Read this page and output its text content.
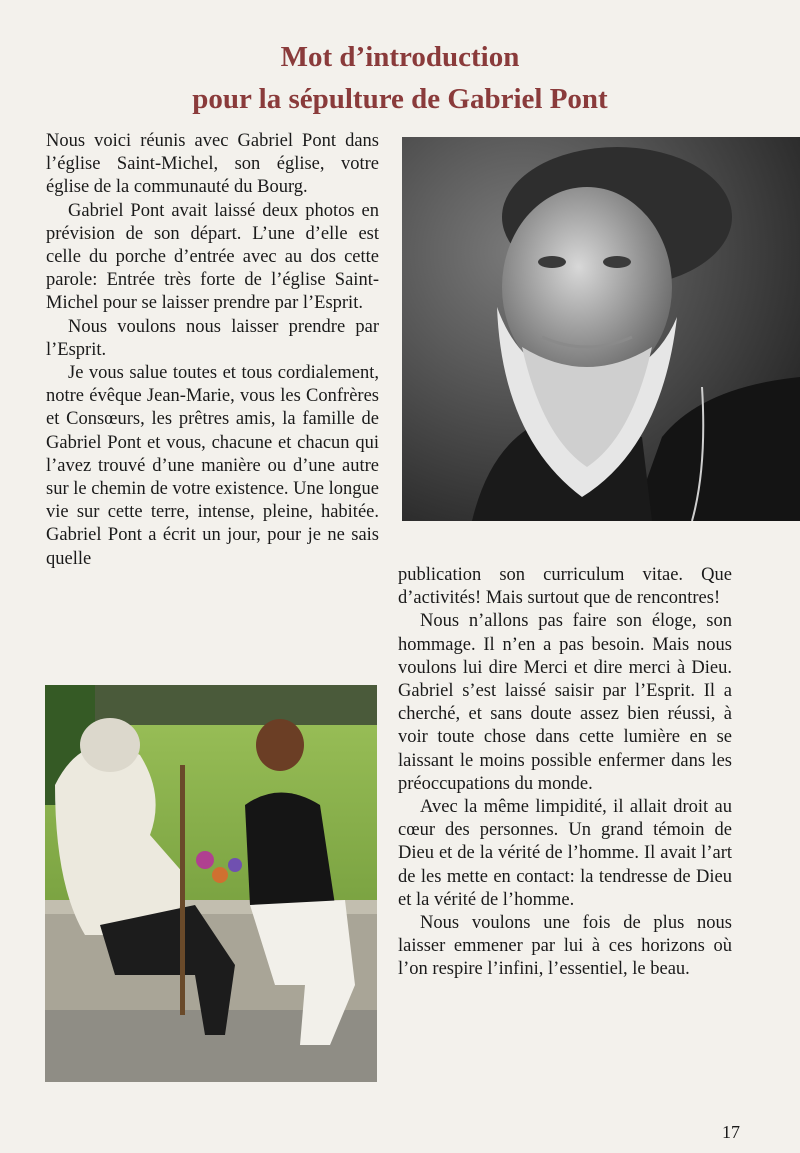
Mot d’introduction
pour la sépulture de Gabriel Pont

Nous voici réunis avec Gabriel Pont dans l’église Saint-Michel, son église, votre église de la communauté du Bourg.

Gabriel Pont avait laissé deux photos en prévision de son départ. L’une d’elle est celle du porche d’entrée avec au dos cette parole: Entrée très forte de l’église Saint-Michel pour se laisser prendre par l’Esprit.

Nous voulons nous laisser prendre par l’Esprit.

Je vous salue toutes et tous cordialement, notre évêque Jean-Marie, vous les Confrères et Consœurs, les prêtres amis, la famille de Gabriel Pont et vous, chacune et chacun qui l’avez trouvé d’une manière ou d’une autre sur le chemin de votre existence. Une longue vie sur cette terre, intense, pleine, habitée. Gabriel Pont a écrit un jour, pour je ne sais quelle

publication son curriculum vitae. Que d’activités! Mais surtout que de rencontres!

Nous n’allons pas faire son éloge, son hommage. Il n’en a pas besoin. Mais nous voulons lui dire Merci et dire merci à Dieu. Gabriel s’est laissé saisir par l’Esprit. Il a cherché, et sans doute assez bien réussi, à voir toute chose dans cette lumière en se laissant le moins possible enfermer dans les préoccupations du monde.

Avec la même limpidité, il allait droit au cœur des personnes. Un grand témoin de Dieu et de la vérité de l’homme. Il avait l’art de les mette en contact: la tendresse de Dieu et la vérité de l’homme.

Nous voulons une fois de plus nous laisser emmener par lui à ces horizons où l’on respire l’infini, l’essentiel, le beau.

17
